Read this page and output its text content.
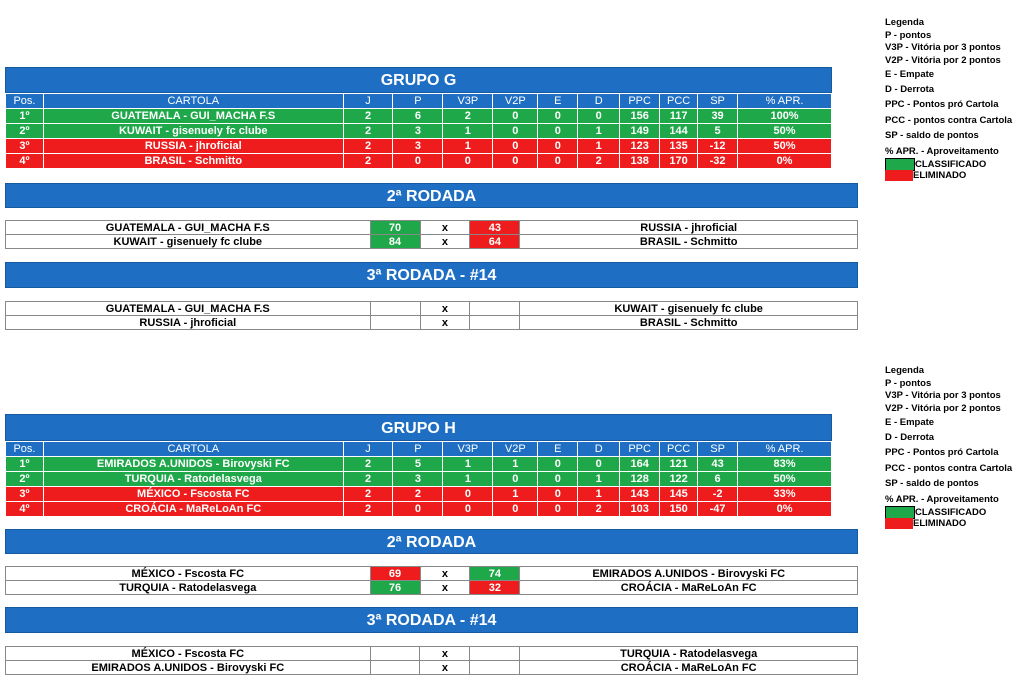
GRUPO G
Pos.	CARTOLA	J	P	V3P	V2P	E	D	PPC	PCC	SP	% APR.
1º	GUATEMALA - GUI_MACHA F.S	2	6	2	0	0	0	156	117	39	100%
2º	KUWAIT - gisenuely fc clube	2	3	1	0	0	1	149	144	5	50%
3º	RUSSIA - jhroficial	2	3	1	0	0	1	123	135	-12	50%
4º	BRASIL - Schmitto	2	0	0	0	0	2	138	170	-32	0%
2ª RODADA
GUATEMALA - GUI_MACHA F.S	70	x	43	RUSSIA - jhroficial
KUWAIT - gisenuely fc clube	84	x	64	BRASIL - Schmitto
3ª RODADA - #14
GUATEMALA - GUI_MACHA F.S		x		KUWAIT - gisenuely fc clube
RUSSIA - jhroficial		x		BRASIL - Schmitto
Legenda
P - pontos
V3P - Vitória por 3 pontos
V2P - Vitória por 2 pontos
E - Empate
D - Derrota
PPC - Pontos pró Cartola
PCC - pontos contra Cartola
SP - saldo de pontos
% APR. - Aproveitamento
CLASSIFICADO
ELIMINADO
GRUPO H
Pos.	CARTOLA	J	P	V3P	V2P	E	D	PPC	PCC	SP	% APR.
1º	EMIRADOS A.UNIDOS - Birovyski FC	2	5	1	1	0	0	164	121	43	83%
2º	TURQUIA - Ratodelasvega	2	3	1	0	0	1	128	122	6	50%
3º	MÉXICO - Fscosta FC	2	2	0	1	0	1	143	145	-2	33%
4º	CROÁCIA - MaReLoAn FC	2	0	0	0	0	2	103	150	-47	0%
2ª RODADA
MÉXICO - Fscosta FC	69	x	74	EMIRADOS A.UNIDOS - Birovyski FC
TURQUIA - Ratodelasvega	76	x	32	CROÁCIA - MaReLoAn FC
3ª RODADA - #14
MÉXICO - Fscosta FC		x		TURQUIA - Ratodelasvega
EMIRADOS A.UNIDOS - Birovyski FC		x		CROÁCIA - MaReLoAn FC
Legenda
P - pontos
V3P - Vitória por 3 pontos
V2P - Vitória por 2 pontos
E - Empate
D - Derrota
PPC - Pontos pró Cartola
PCC - pontos contra Cartola
SP - saldo de pontos
% APR. - Aproveitamento
CLASSIFICADO
ELIMINADO
